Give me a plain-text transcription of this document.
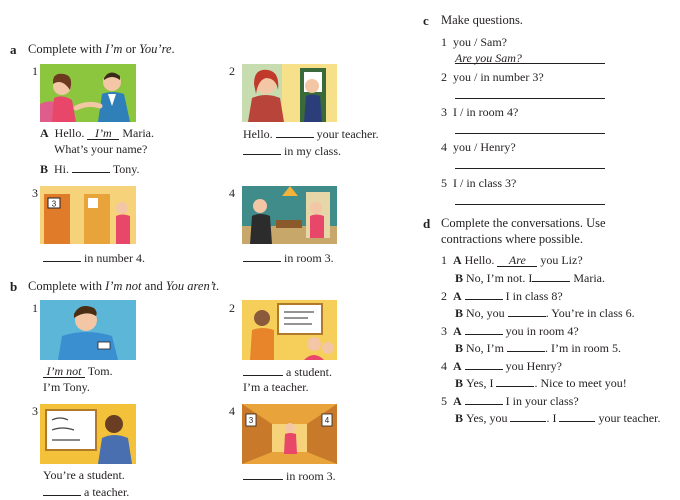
a Complete with I’m or You’re.
1
A Hello. I’m Maria.
What’s your name?
B Hi.	Tony.
2
Hello.	your teacher.
in my class.
3
3
in number 4.
4
in room 3.
b Complete with I’m not and You aren’t.
1
I’m not Tom.
I’m Tony.
2
a student.
I’m a teacher.
3
You’re a student.
a teacher.
4
3	4
in room 3.
c Make questions.
1 you / Sam?
Are you Sam?
2 you / in number 3?
3 I / in room 4?
4 you / Henry?
5 I / in class 3?
d Complete the conversations. Use
contractions where possible.
1 A Hello. Are you Liz?
B No, I’m not. I	Maria.
2 A	I in class 8?
B No, you	. You’re in class 6.
3 A	you in room 4?
B No, I’m	. I’m in room 5.
4 A	you Henry?
B Yes, I	. Nice to meet you!
5 A	I in your class?
B Yes, you	. I	your teacher.
